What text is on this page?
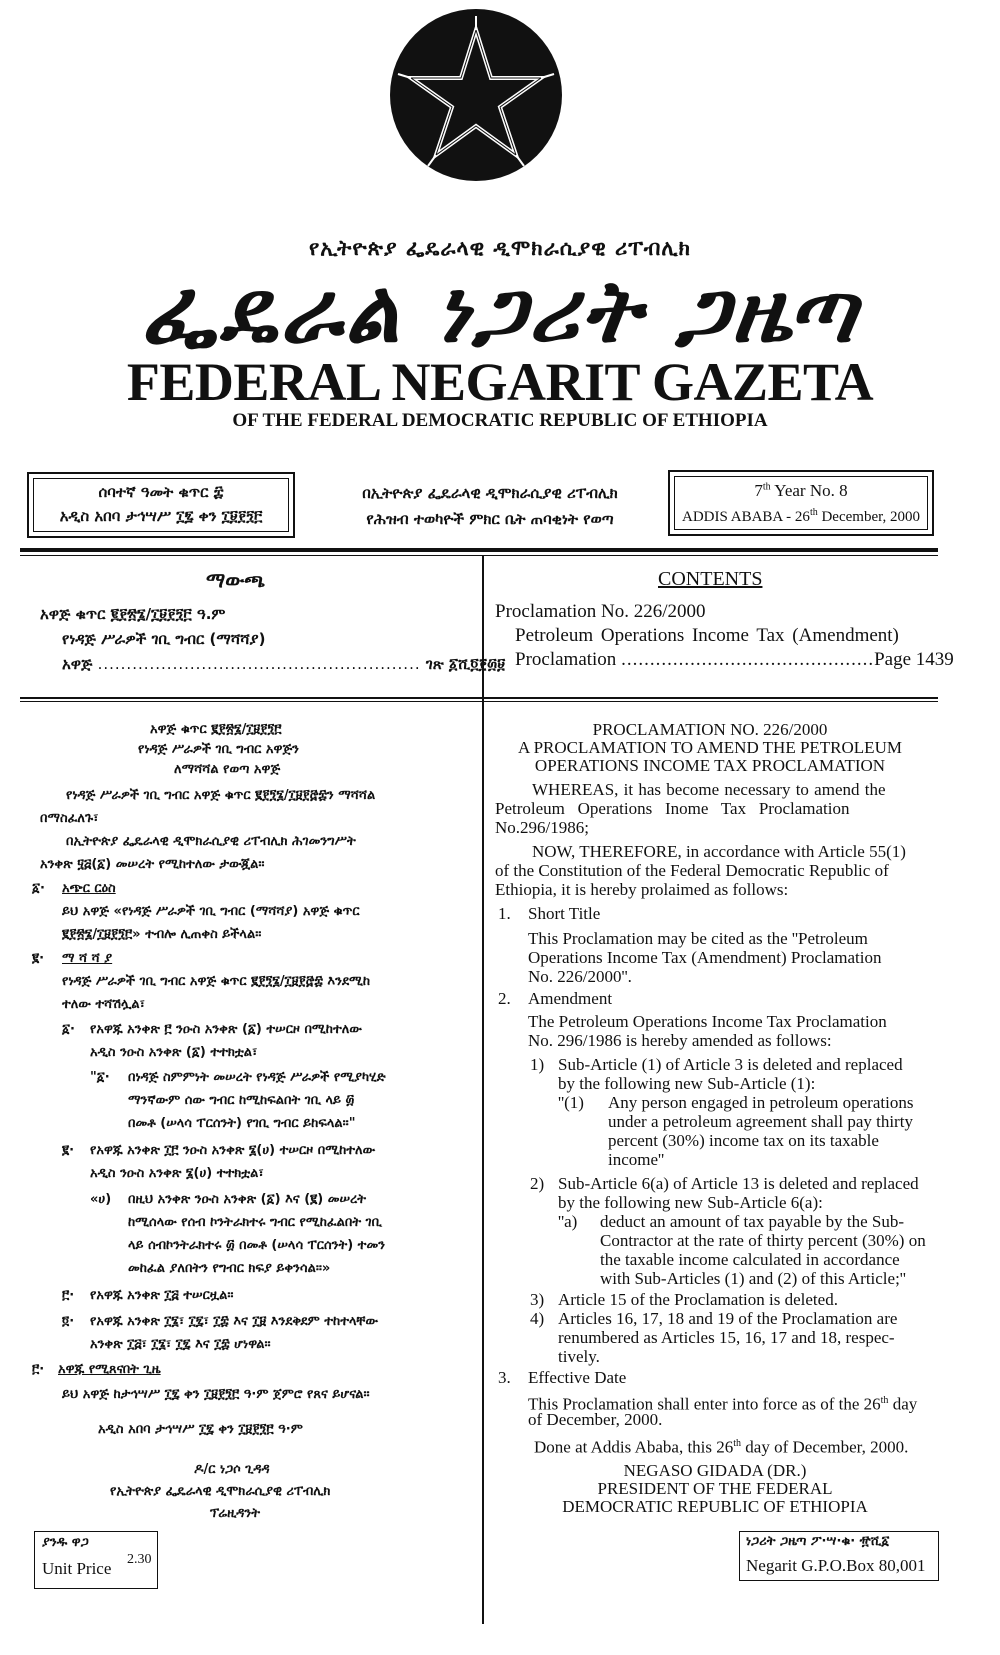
የኢትዮጵያ ፌዴራላዊ ዲሞክራሲያዊ ሪፐብሊክ
ፌዴራል ነጋሪት ጋዜጣ
FEDERAL NEGARIT GAZETA
OF THE FEDERAL DEMOCRATIC REPUBLIC OF ETHIOPIA
ሰባተኛ ዓመት ቁጥር ፰
አዲስ አበባ ታኅሣሥ ፲፯ ቀን ፲፱፻፺፫
በኢትዮጵያ ፌዴራላዊ ዲሞክራሲያዊ ሪፐብሊክ
የሕዝብ ተወካዮች ምክር ቤት ጠባቂነት የወጣ
7th Year No. 8
ADDIS ABABA - 26th December, 2000
ማውጫ
አዋጅ ቁጥር ፪፻፳፮/፲፱፻፺፫ ዓ.ም
የነዳጅ ሥራዎች ገቢ ግብር (ማሻሻያ)
አዋጅ ........................................................ ገጽ ፩ሺ፬፻፴፱
CONTENTS
Proclamation No. 226/2000
Petroleum Operations Income Tax (Amendment)
Proclamation ............................................Page 1439
አዋጅ ቁጥር ፪፻፳፮/፲፱፻፺፫
የነዳጅ ሥራዎች ገቢ ግብር አዋጅን
ለማሻሻል የወጣ አዋጅ
የነዳጅ ሥራዎች ገቢ ግብር አዋጅ ቁጥር ፪፻፺፮/፲፱፻፸፰ን ማሻሻል
በማስፈለጉ፣
በኢትዮጵያ ፌዴራላዊ ዲሞክራሲያዊ ሪፐብሊክ ሕገመንግሥት
አንቀጽ ፶፭(፩) መሠረት የሚከተለው ታውጇል።
፩· አጭር ርዕስ
ይህ አዋጅ «የነዳጅ ሥራዎች ገቢ ግብር (ማሻሻያ) አዋጅ ቁጥር
፪፻፳፮/፲፱፻፺፫» ተብሎ ሊጠቀስ ይችላል።
፪· ማ ሻ ሻ ያ
የነዳጅ ሥራዎች ገቢ ግብር አዋጅ ቁጥር ፪፻፺፮/፲፱፻፸፰ እንደሚከ
ተለው ተሻሽሏል፣
፩· የአዋጁ አንቀጽ ፫ ንዑስ አንቀጽ (፩) ተሠርዞ በሚከተለው
አዲስ ንዑስ አንቀጽ (፩) ተተክቷል፣
"፩· በነዳጅ ስምምነት መሠረት የነዳጅ ሥራዎች የሚያካሂድ
ማንኛውም ሰው ግብር ከሚከፍልበት ገቢ ላይ ፴
በመቶ (ሠላሳ ፐርሰንት) የገቢ ግብር ይከፍላል።"
፪· የአዋጁ አንቀጽ ፲፫ ንዑስ አንቀጽ ፮(ሀ) ተሠርዞ በሚከተለው
አዲስ ንዑስ አንቀጽ ፮(ሀ) ተተክቷል፣
«ሀ) በዚህ አንቀጽ ንዑስ አንቀጽ (፩) እና (፪) መሠረት
ከሚሰላው የሰብ ኮንትራክተሩ ግብር የሚከፈልበት ገቢ
ላይ ሰብኮንትራክተሩ ፴ በመቶ (ሠላሳ ፐርሰንት) ተመን
መከፈል ያለበትን የግብር ክፍያ ይቀንሳል።»
፫· የአዋጁ አንቀጽ ፲፭ ተሠርዟል።
፬· የአዋጁ አንቀጽ ፲፮፣ ፲፯፣ ፲፰ እና ፲፱ እንደቅደም ተከተላቸው
አንቀጽ ፲፭፣ ፲፮፣ ፲፯ እና ፲፰ ሆነዋል።
፫· አዋጁ የሚጸናበት ጊዜ
ይህ አዋጅ ከታኅሣሥ ፲፯ ቀን ፲፱፻፺፫ ዓ·ም ጀምሮ የጸና ይሆናል።
አዲስ አበባ ታኅሣሥ ፲፯ ቀን ፲፱፻፺፫ ዓ·ም
ዶ/ር ነጋሶ ጊዳዳ
የኢትዮጵያ ፌዴራላዊ ዲሞክራሲያዊ ሪፐብሊክ
ፕሬዚዳንት
PROCLAMATION NO. 226/2000
A PROCLAMATION TO AMEND THE PETROLEUM
OPERATIONS INCOME TAX PROCLAMATION
WHEREAS, it has become necessary to amend the
Petroleum   Operations   Inome   Tax   Proclamation
No.296/1986;
NOW, THEREFORE, in accordance with Article 55(1)
of the Constitution of the Federal Democratic Republic of
Ethiopia, it is hereby prolaimed as follows:
1. Short Title
This Proclamation may be cited as the ''Petroleum
Operations Income Tax (Amendment) Proclamation
No. 226/2000''.
2. Amendment
The Petroleum Operations Income Tax Proclamation
No. 296/1986 is hereby amended as follows:
1) Sub-Article (1) of Article 3 is deleted and replaced
by the following new Sub-Article (1):
''(1) Any person engaged in petroleum operations
under a petroleum agreement shall pay thirty
percent (30%) income tax on its taxable
income''
2) Sub-Article 6(a) of Article 13 is deleted and replaced
by the following new Sub-Article 6(a):
''a) deduct an amount of tax payable by the Sub-
Contractor at the rate of thirty percent (30%) on
the taxable income calculated in accordance
with Sub-Articles (1) and (2) of this Article;''
3) Article 15 of the Proclamation is deleted.
4) Articles 16, 17, 18 and 19 of the Proclamation are
renumbered as Articles 15, 16, 17 and 18, respec-
tively.
3. Effective Date
This Proclamation shall enter into force as of the 26th day
of December, 2000.
Done at Addis Ababa, this 26th day of December, 2000.
NEGASO GIDADA (DR.)
PRESIDENT OF THE FEDERAL
DEMOCRATIC REPUBLIC OF ETHIOPIA
ያንዱ ዋጋ
Unit Price 2.30
ነጋሪት ጋዜጣ ፖ·ሣ·ቁ· ፹ሺ፩
Negarit G.P.O.Box 80,001
